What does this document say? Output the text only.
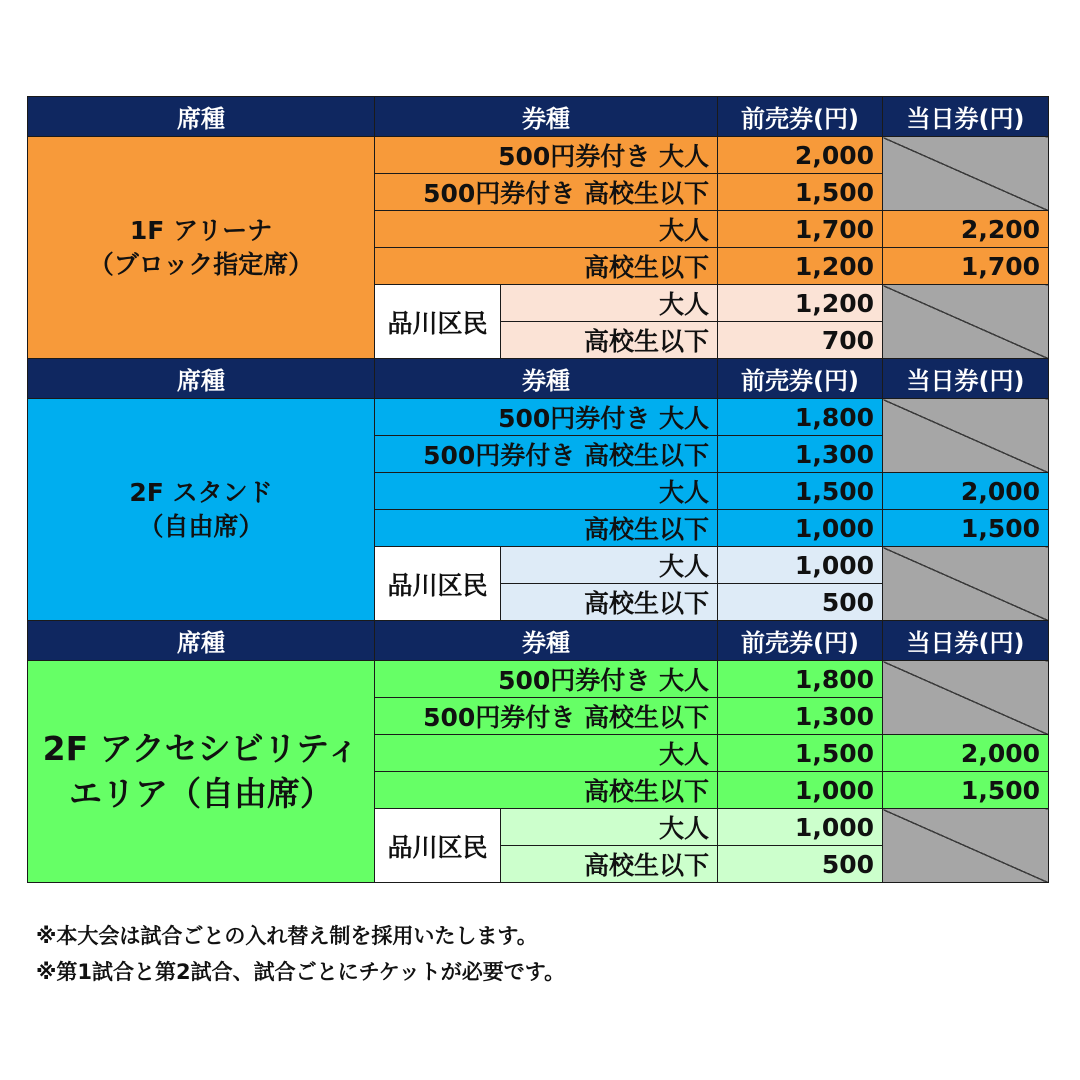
席種	券種		前売券(円)	当日券(円)

1F アリーナ
（ブロック指定席）	500円券付き 大人		2,000	
	500円券付き 高校生以下		1,500	
	大人		1,700	2,200
	高校生以下		1,200	1,700
	品川区民	大人	1,200	
		高校生以下	700	
席種	券種		前売券(円)	当日券(円)

2F スタンド
（自由席）	500円券付き 大人		1,800	
	500円券付き 高校生以下		1,300	
	大人		1,500	2,000
	高校生以下		1,000	1,500
	品川区民	大人	1,000	
		高校生以下	500	
席種	券種		前売券(円)	当日券(円)

2F アクセシビリティ
エリア（自由席）	500円券付き 大人		1,800	
	500円券付き 高校生以下		1,300	
	大人		1,500	2,000
	高校生以下		1,000	1,500
	品川区民	大人	1,000	
		高校生以下	500	
※本大会は試合ごとの入れ替え制を採用いたします。
※第1試合と第2試合、試合ごとにチケットが必要です。
